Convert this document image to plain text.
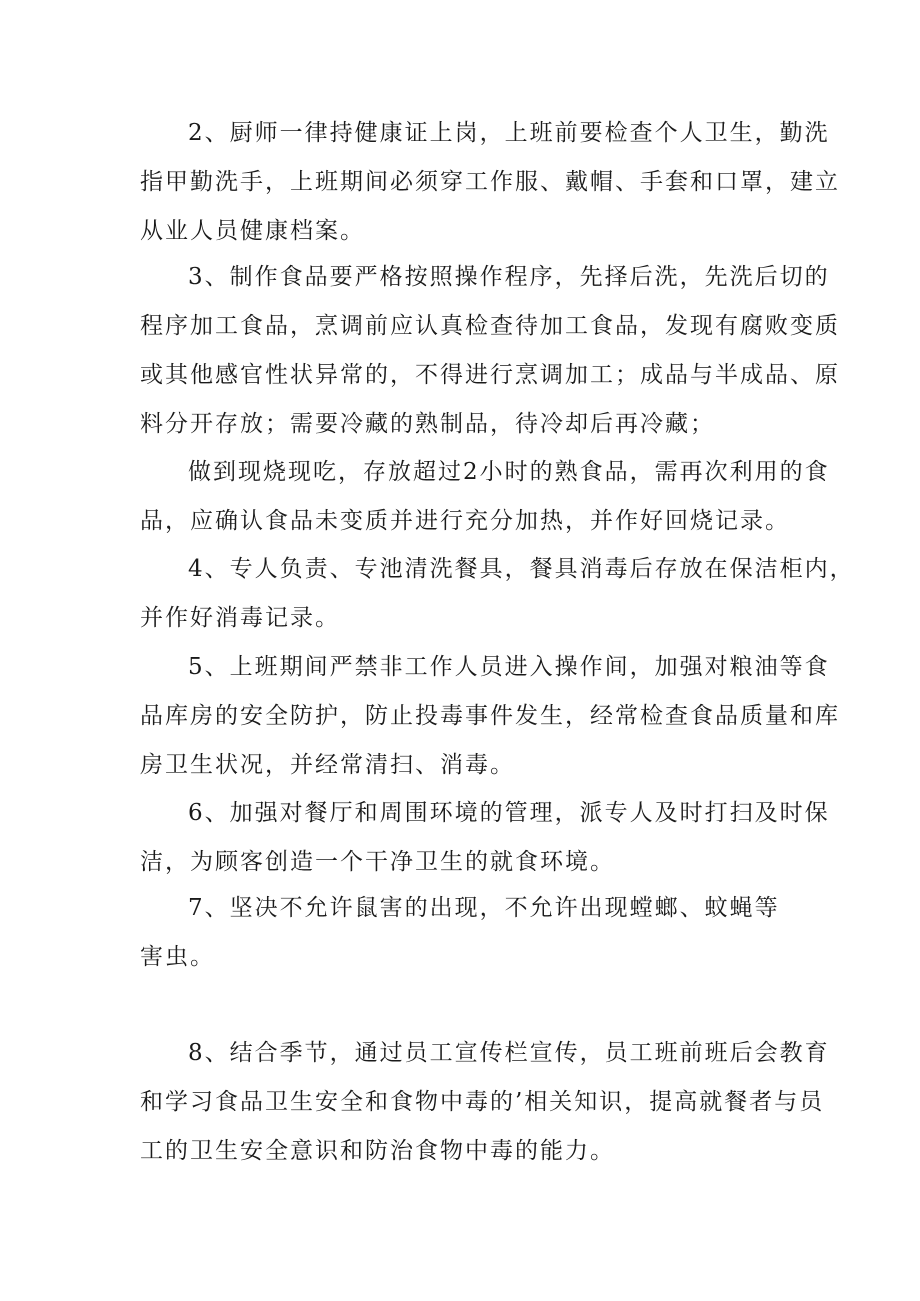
2、厨师一律持健康证上岗，上班前要检查个人卫生，勤洗
指甲勤洗手，上班期间必须穿工作服、戴帽、手套和口罩，建立
从业人员健康档案。
3、制作食品要严格按照操作程序，先择后洗，先洗后切的
程序加工食品，烹调前应认真检查待加工食品，发现有腐败变质
或其他感官性状异常的，不得进行烹调加工；成品与半成品、原
料分开存放；需要冷藏的熟制品，待冷却后再冷藏；
做到现烧现吃，存放超过2小时的熟食品，需再次利用的食
品，应确认食品未变质并进行充分加热，并作好回烧记录。
4、专人负责、专池清洗餐具，餐具消毒后存放在保洁柜内，
并作好消毒记录。
5、上班期间严禁非工作人员进入操作间，加强对粮油等食
品库房的安全防护，防止投毒事件发生，经常检查食品质量和库
房卫生状况，并经常清扫、消毒。
6、加强对餐厅和周围环境的管理，派专人及时打扫及时保
洁，为顾客创造一个干净卫生的就食环境。
7、坚决不允许鼠害的出现，不允许出现螳螂、蚊蝇等
害虫。
8、结合季节，通过员工宣传栏宣传，员工班前班后会教育
和学习食品卫生安全和食物中毒的’相关知识，提高就餐者与员
工的卫生安全意识和防治食物中毒的能力。
